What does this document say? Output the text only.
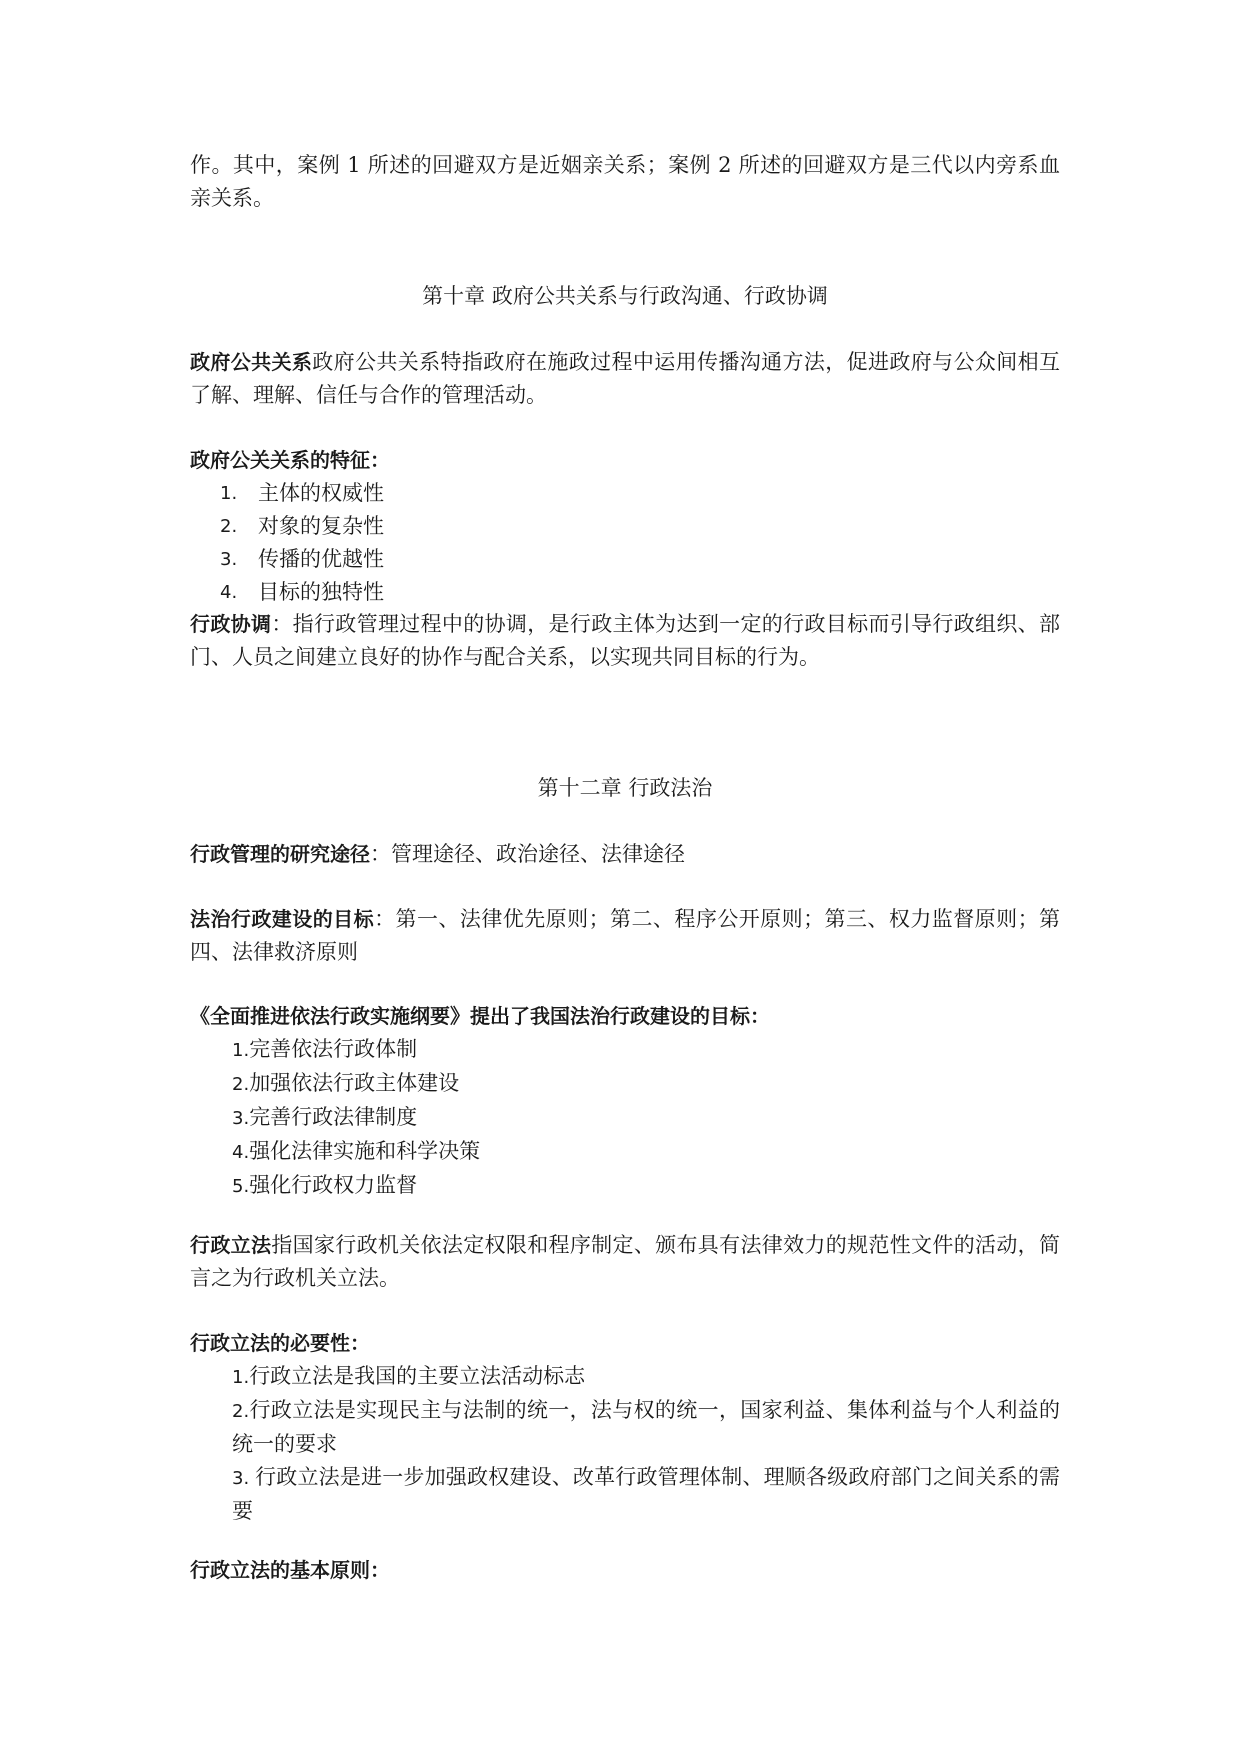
作。其中，案例 1 所述的回避双方是近姻亲关系；案例 2 所述的回避双方是三代以内旁系血亲关系。

第十章 政府公共关系与行政沟通、行政协调

政府公共关系政府公共关系特指政府在施政过程中运用传播沟通方法，促进政府与公众间相互了解、理解、信任与合作的管理活动。

政府公关关系的特征：

1. 主体的权威性
2. 对象的复杂性
3. 传播的优越性
4. 目标的独特性

行政协调：指行政管理过程中的协调，是行政主体为达到一定的行政目标而引导行政组织、部门、人员之间建立良好的协作与配合关系，以实现共同目标的行为。

第十二章 行政法治

行政管理的研究途径：管理途径、政治途径、法律途径

法治行政建设的目标：第一、法律优先原则；第二、程序公开原则；第三、权力监督原则；第四、法律救济原则

《全面推进依法行政实施纲要》提出了我国法治行政建设的目标：

1.完善依法行政体制
2.加强依法行政主体建设
3.完善行政法律制度
4.强化法律实施和科学决策
5.强化行政权力监督

行政立法指国家行政机关依法定权限和程序制定、颁布具有法律效力的规范性文件的活动，简言之为行政机关立法。

行政立法的必要性：

1.行政立法是我国的主要立法活动标志
2.行政立法是实现民主与法制的统一，法与权的统一，国家利益、集体利益与个人利益的统一的要求
3. 行政立法是进一步加强政权建设、改革行政管理体制、理顺各级政府部门之间关系的需要

行政立法的基本原则：
